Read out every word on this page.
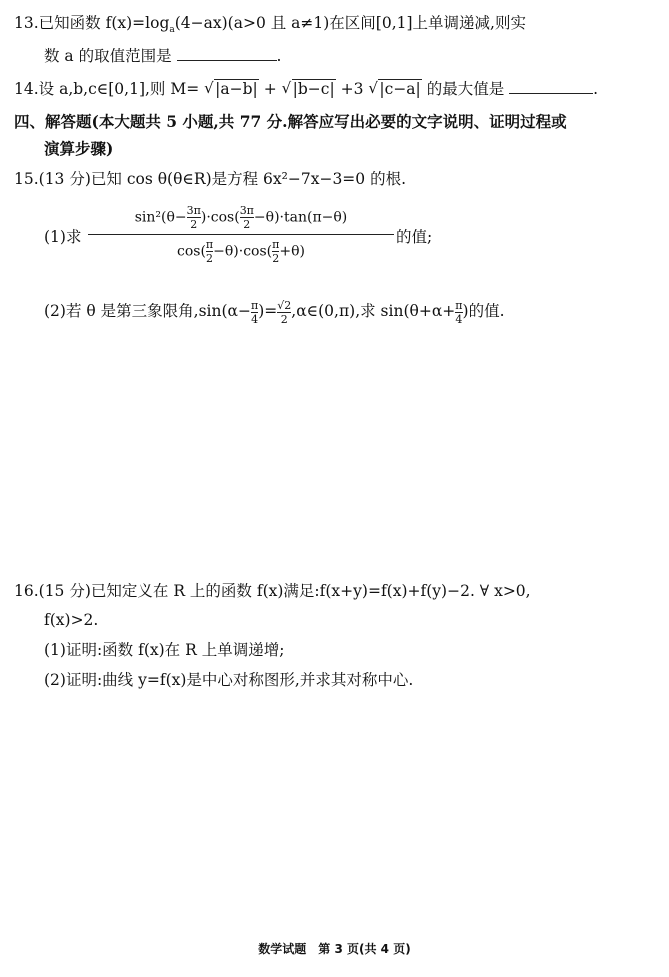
13.已知函数 $f(x)=\log_a(4-ax)(a>0$ 且 a≠1)在区间[0,1]上单调递减,则实
数 a 的取值范围是	.
14.设 a,b,c∈[0,1],则 M= √ |a−b| + √ |b−c| +3 √ |c−a| 的最大值是	.
四、解答题(本大题共 5 小题,共 77 分.解答应写出必要的文字说明、证明过程或
演算步骤)
15.(13 分)已知 cos θ(θ∈R)是方程 6x²−7x−3=0 的根.
(1)求 $\frac{\sin^2(\theta- \frac{3\pi}{2} )\cdot\cos( \frac{3\pi}{2} -\theta)\cdot\tan(\pi-\theta)}{\cos( \frac{\pi}{2} -\theta)\cdot\cos( \frac{\pi}{2} +\theta)}$ 的值;
(2)若 θ 是第三象限角$,\sin(\alpha- \frac{\pi}{4}$ )= $\frac{√2}{2}$ ,α∈(0,π),求 $\sin(\theta+\alpha+ \frac{\pi}{4}$ )的值.
16.(15 分)已知定义在 R 上的函数 f(x)满足:f(x+y)=f(x)+f(y)−2. ∀ x>0,
f(x)>2.
(1)证明:函数 f(x)在 R 上单调递增;
(2)证明:曲线 y=f(x)是中心对称图形,并求其对称中心.
数学试题　第 3 页(共 4 页)
